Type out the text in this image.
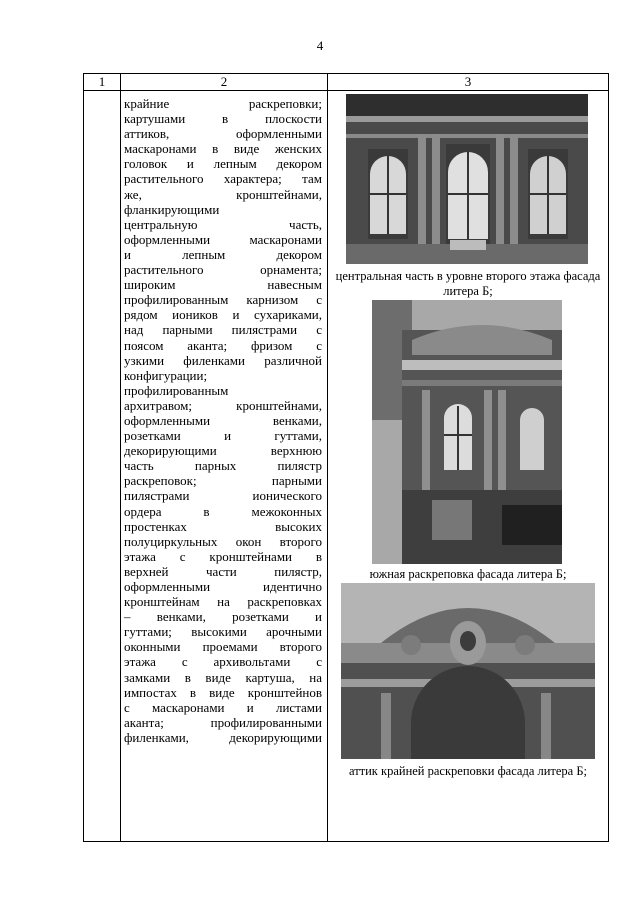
4
1	2	3

крайние раскреповки;

картушами в плоскости

аттиков, оформленными

маскаронами в виде женских

головок и лепным декором

растительного характера; там

же, кронштейнами,

фланкирующими

центральную часть,

оформленными маскаронами

и лепным декором

растительного орнамента;

широким навесным

профилированным карнизом с

рядом иоников и сухариками,

над парными пилястрами с

поясом аканта; фризом с

узкими филенками различной

конфигурации;

профилированным

архитравом; кронштейнами,

оформленными венками,

розетками и гуттами,

декорирующими верхнюю

часть парных пилястр

раскреповок; парными

пилястрами ионического

ордера в межоконных

простенках высоких

полуциркульных окон второго

этажа с кронштейнами в

верхней части пилястр,

оформленными идентично

кронштейнам на раскреповках

– венками, розетками и

гуттами; высокими арочными

оконными проемами второго

этажа с архивольтами с

замками в виде картуша, на

импостах в виде кронштейнов

с маскаронами и листами

аканта; профилированными

филенками, декорирующими

центральная часть в уровне второго этажа фасада литера Б;
южная раскреповка фасада литера Б;
аттик крайней раскреповки фасада литера Б;
